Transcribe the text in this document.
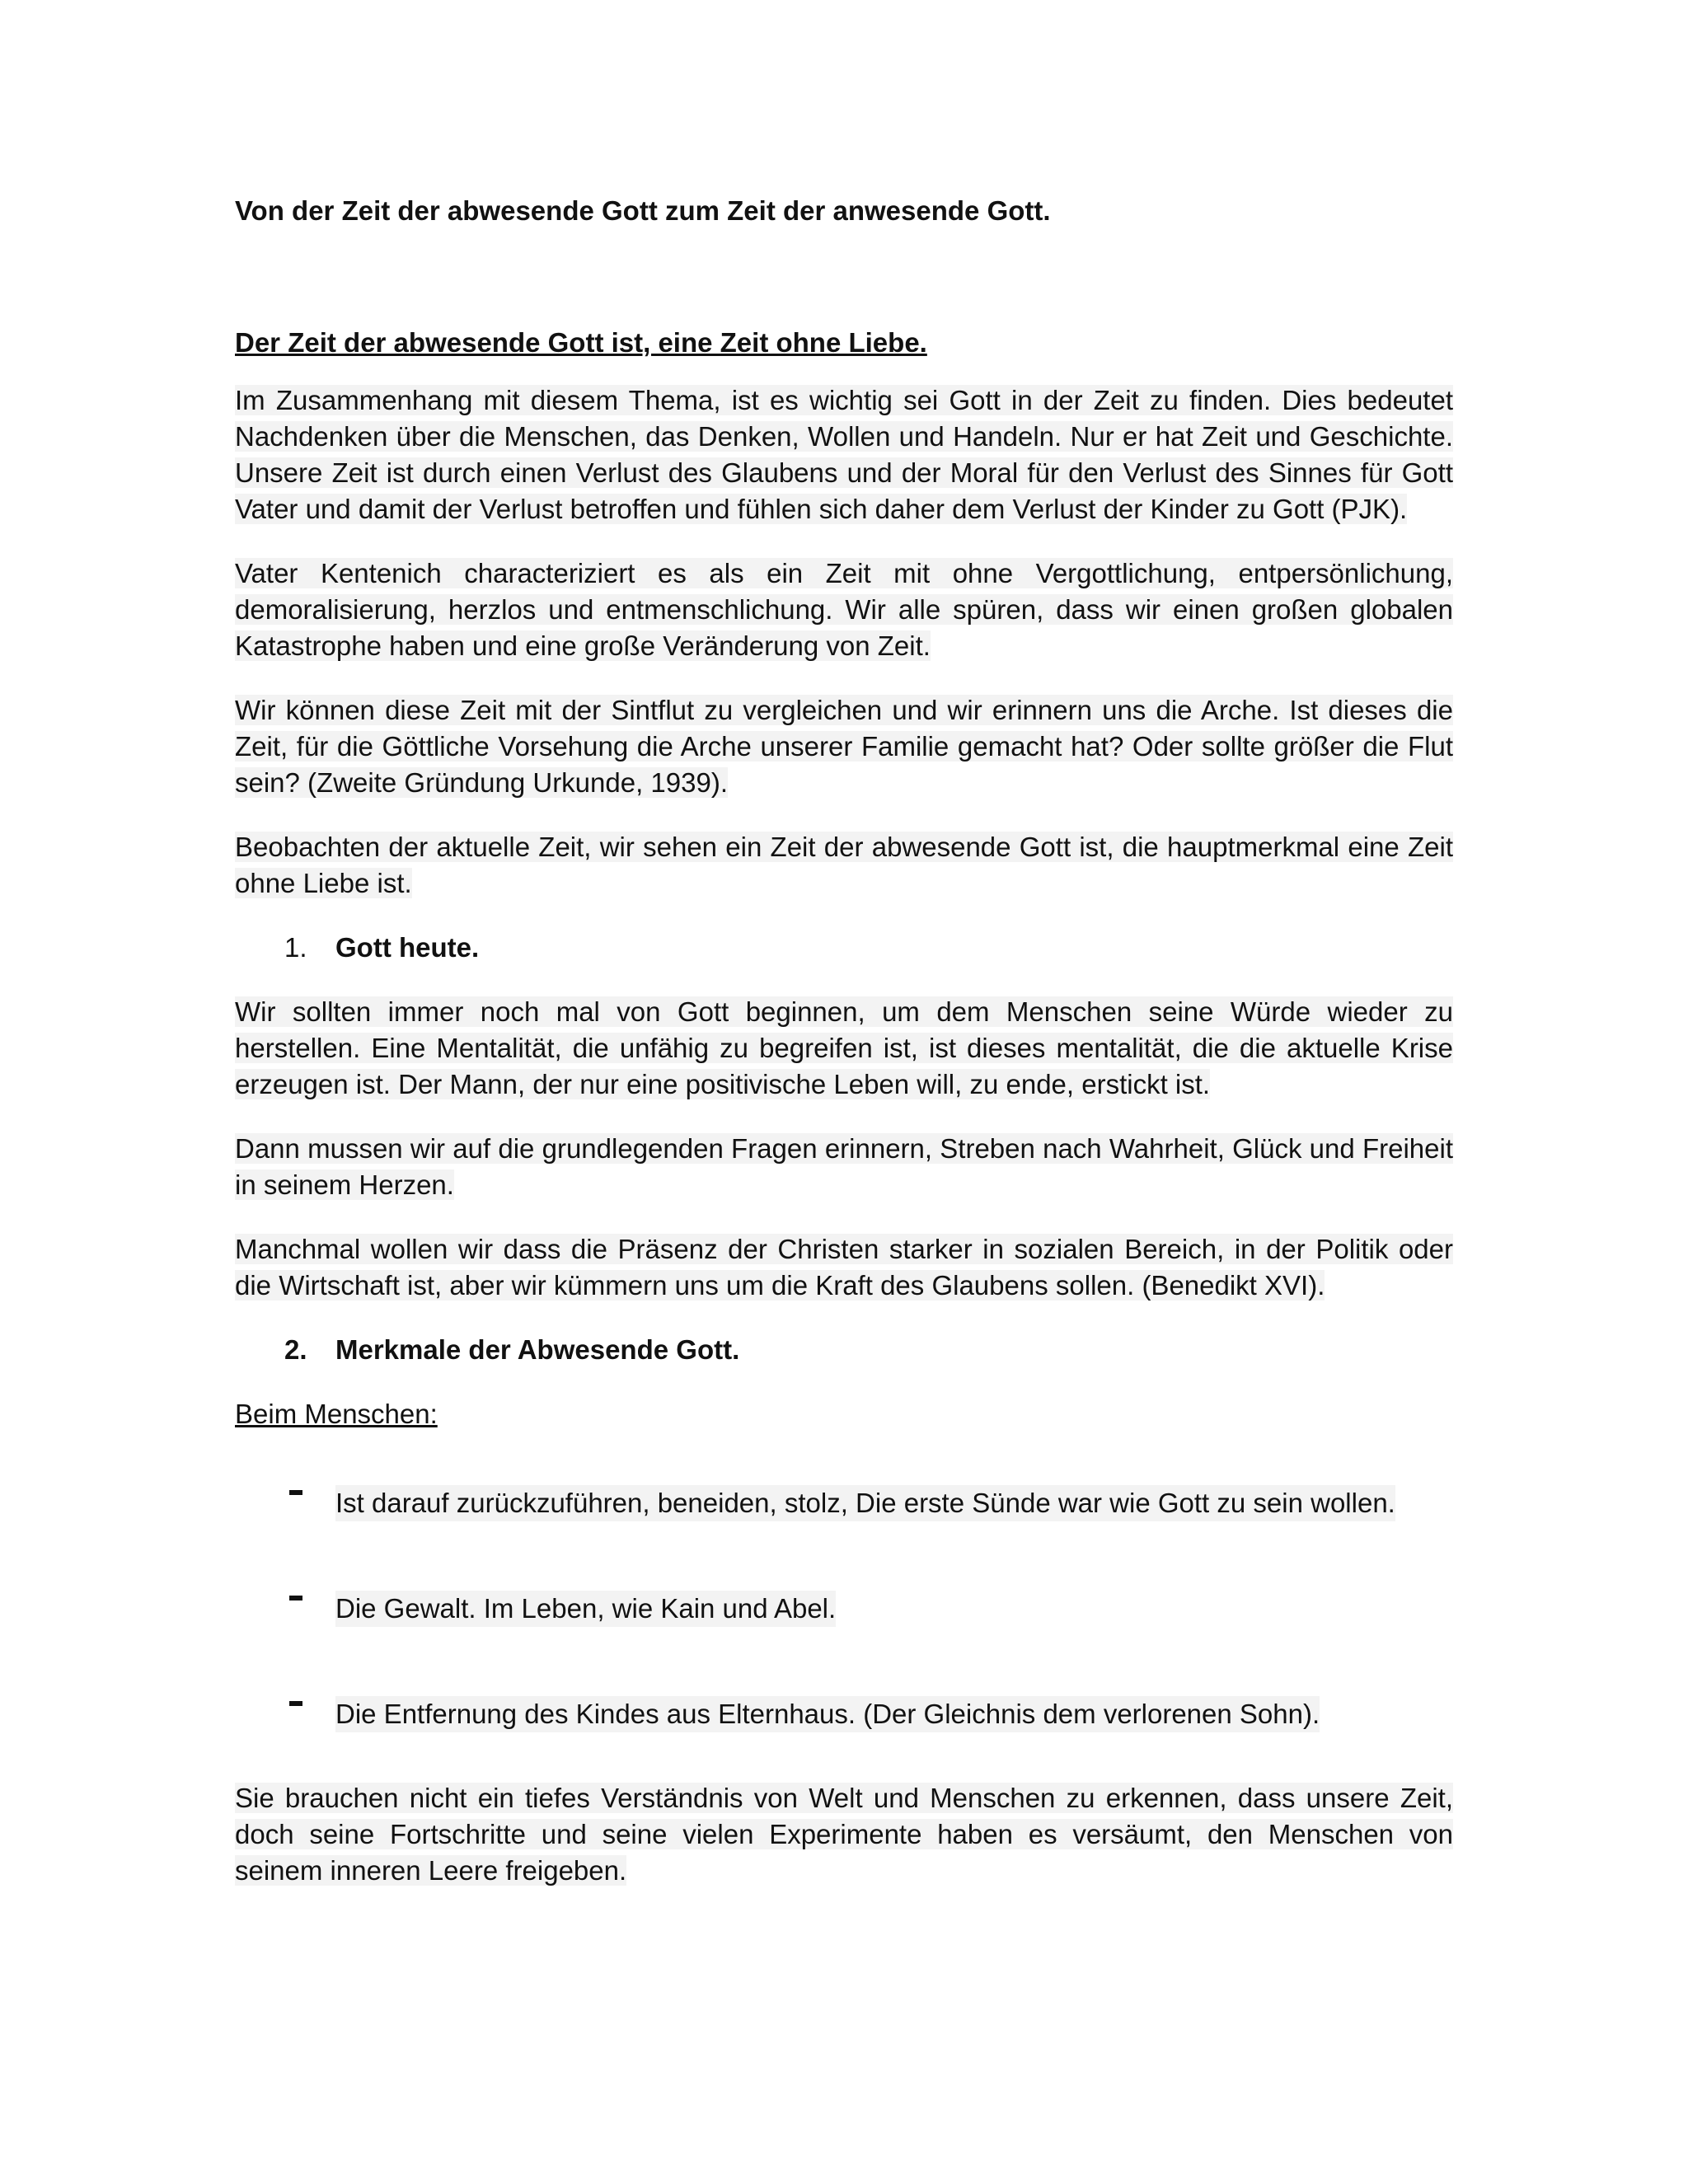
Von der Zeit der abwesende Gott zum Zeit der anwesende Gott.
Der Zeit der abwesende Gott ist, eine Zeit ohne Liebe.

Im Zusammenhang mit diesem Thema, ist es wichtig sei Gott in der Zeit zu finden. Dies bedeutet Nachdenken über die Menschen, das Denken, Wollen und Handeln. Nur er hat Zeit und Geschichte. Unsere Zeit ist durch einen Verlust des Glaubens und der Moral für den Verlust des Sinnes für Gott Vater und damit der Verlust betroffen und fühlen sich daher dem Verlust der Kinder zu Gott (PJK).

Vater Kentenich characteriziert es als ein Zeit mit ohne Vergottlichung, entpersönlichung, demoralisierung, herzlos und entmenschlichung. Wir alle spüren, dass wir einen großen globalen Katastrophe haben und eine große Veränderung von Zeit.

Wir können diese Zeit mit der Sintflut zu vergleichen und wir erinnern uns die Arche. Ist dieses die Zeit, für die Göttliche Vorsehung die Arche unserer Familie gemacht hat? Oder sollte größer die Flut sein? (Zweite Gründung Urkunde, 1939).

Beobachten der aktuelle Zeit, wir sehen ein Zeit der abwesende Gott ist, die hauptmerkmal eine Zeit ohne Liebe ist.

1.	Gott heute.

Wir sollten immer noch mal von Gott beginnen, um dem Menschen seine Würde wieder zu herstellen. Eine Mentalität, die unfähig zu begreifen ist, ist dieses mentalität, die die aktuelle Krise erzeugen ist. Der Mann, der nur eine positivische Leben will, zu ende, erstickt ist.

Dann mussen wir auf die grundlegenden Fragen erinnern, Streben nach Wahrheit, Glück und Freiheit in seinem Herzen.

Manchmal wollen wir dass die Präsenz der Christen starker in sozialen Bereich, in der Politik oder die Wirtschaft ist, aber wir kümmern uns um die Kraft des Glaubens sollen. (Benedikt XVI).

2.	Merkmale der Abwesende Gott.
Beim Menschen:
Ist darauf zurückzuführen, beneiden, stolz, Die erste Sünde war wie Gott zu sein wollen.
Die Gewalt. Im Leben, wie Kain und Abel.
Die Entfernung des Kindes aus Elternhaus. (Der Gleichnis dem verlorenen Sohn).

Sie brauchen nicht ein tiefes Verständnis von Welt und Menschen zu erkennen, dass unsere Zeit, doch seine Fortschritte und seine vielen Experimente haben es versäumt, den Menschen von seinem inneren Leere freigeben.
